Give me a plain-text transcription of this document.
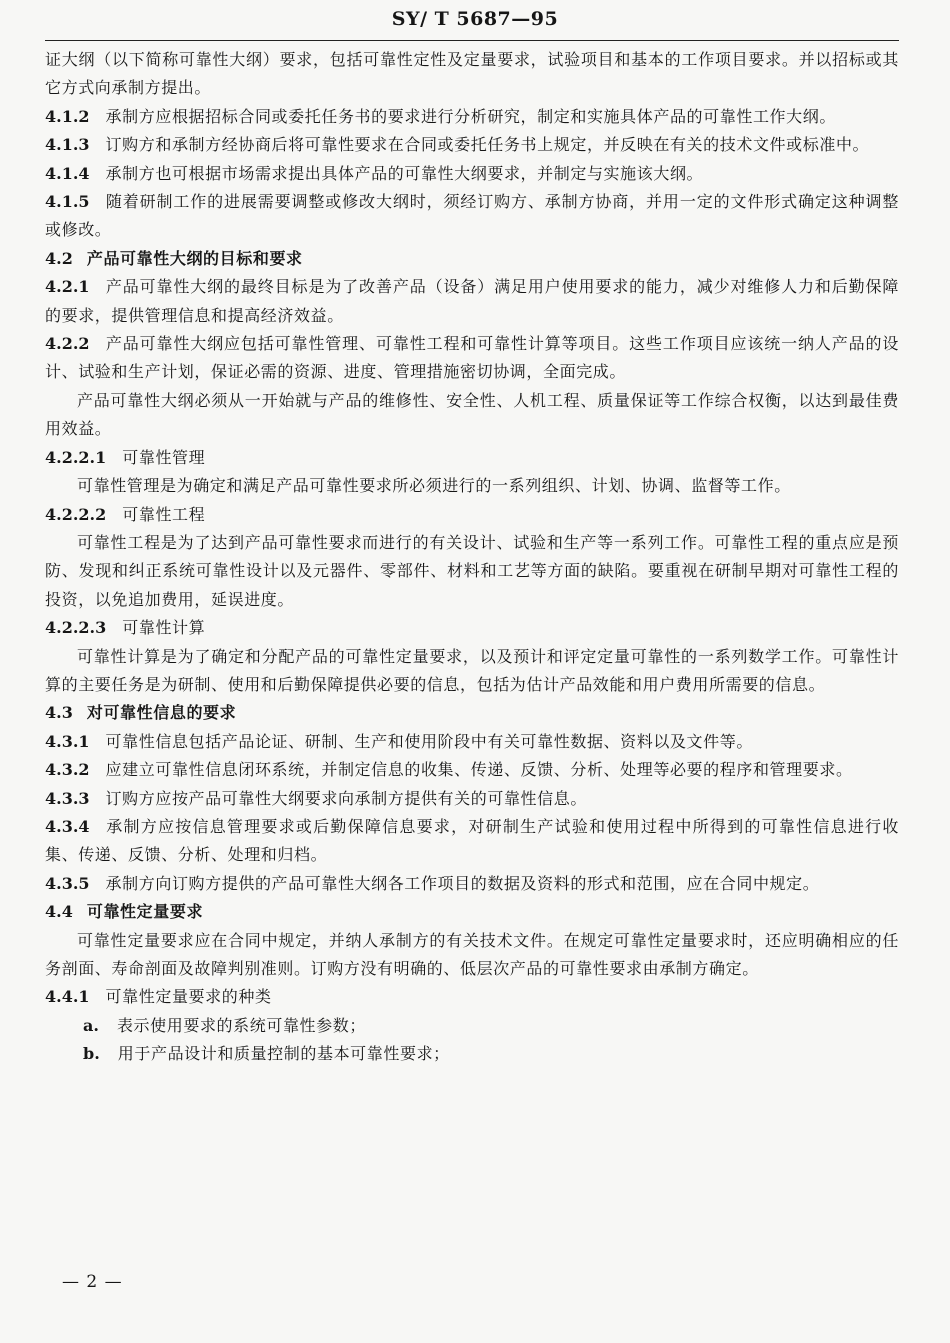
SY/ T 5687—95

证大纲（以下简称可靠性大纲）要求，包括可靠性定性及定量要求，试验项目和基本的工作项目要求。并以招标或其它方式向承制方提出。

4.1.2 承制方应根据招标合同或委托任务书的要求进行分析研究，制定和实施具体产品的可靠性工作大纲。

4.1.3 订购方和承制方经协商后将可靠性要求在合同或委托任务书上规定，并反映在有关的技术文件或标准中。

4.1.4 承制方也可根据市场需求提出具体产品的可靠性大纲要求，并制定与实施该大纲。

4.1.5 随着研制工作的进展需要调整或修改大纲时，须经订购方、承制方协商，并用一定的文件形式确定这种调整或修改。

4.2 产品可靠性大纲的目标和要求

4.2.1 产品可靠性大纲的最终目标是为了改善产品（设备）满足用户使用要求的能力，减少对维修人力和后勤保障的要求，提供管理信息和提高经济效益。

4.2.2 产品可靠性大纲应包括可靠性管理、可靠性工程和可靠性计算等项目。这些工作项目应该统一纳人产品的设计、试验和生产计划，保证必需的资源、进度、管理措施密切协调，全面完成。

产品可靠性大纲必须从一开始就与产品的维修性、安全性、人机工程、质量保证等工作综合权衡，以达到最佳费用效益。

4.2.2.1 可靠性管理

可靠性管理是为确定和满足产品可靠性要求所必须进行的一系列组织、计划、协调、监督等工作。

4.2.2.2 可靠性工程

可靠性工程是为了达到产品可靠性要求而进行的有关设计、试验和生产等一系列工作。可靠性工程的重点应是预防、发现和纠正系统可靠性设计以及元器件、零部件、材料和工艺等方面的缺陷。要重视在研制早期对可靠性工程的投资，以免追加费用，延误进度。

4.2.2.3 可靠性计算

可靠性计算是为了确定和分配产品的可靠性定量要求，以及预计和评定定量可靠性的一系列数学工作。可靠性计算的主要任务是为研制、使用和后勤保障提供必要的信息，包括为估计产品效能和用户费用所需要的信息。

4.3 对可靠性信息的要求

4.3.1 可靠性信息包括产品论证、研制、生产和使用阶段中有关可靠性数据、资料以及文件等。

4.3.2 应建立可靠性信息闭环系统，并制定信息的收集、传递、反馈、分析、处理等必要的程序和管理要求。

4.3.3 订购方应按产品可靠性大纲要求向承制方提供有关的可靠性信息。

4.3.4 承制方应按信息管理要求或后勤保障信息要求，对研制生产试验和使用过程中所得到的可靠性信息进行收集、传递、反馈、分析、处理和归档。

4.3.5 承制方向订购方提供的产品可靠性大纲各工作项目的数据及资料的形式和范围，应在合同中规定。

4.4 可靠性定量要求

可靠性定量要求应在合同中规定，并纳人承制方的有关技术文件。在规定可靠性定量要求时，还应明确相应的任务剖面、寿命剖面及故障判别准则。订购方没有明确的、低层次产品的可靠性要求由承制方确定。

4.4.1 可靠性定量要求的种类

a. 表示使用要求的系统可靠性参数；

b. 用于产品设计和质量控制的基本可靠性要求；

— 2 —
